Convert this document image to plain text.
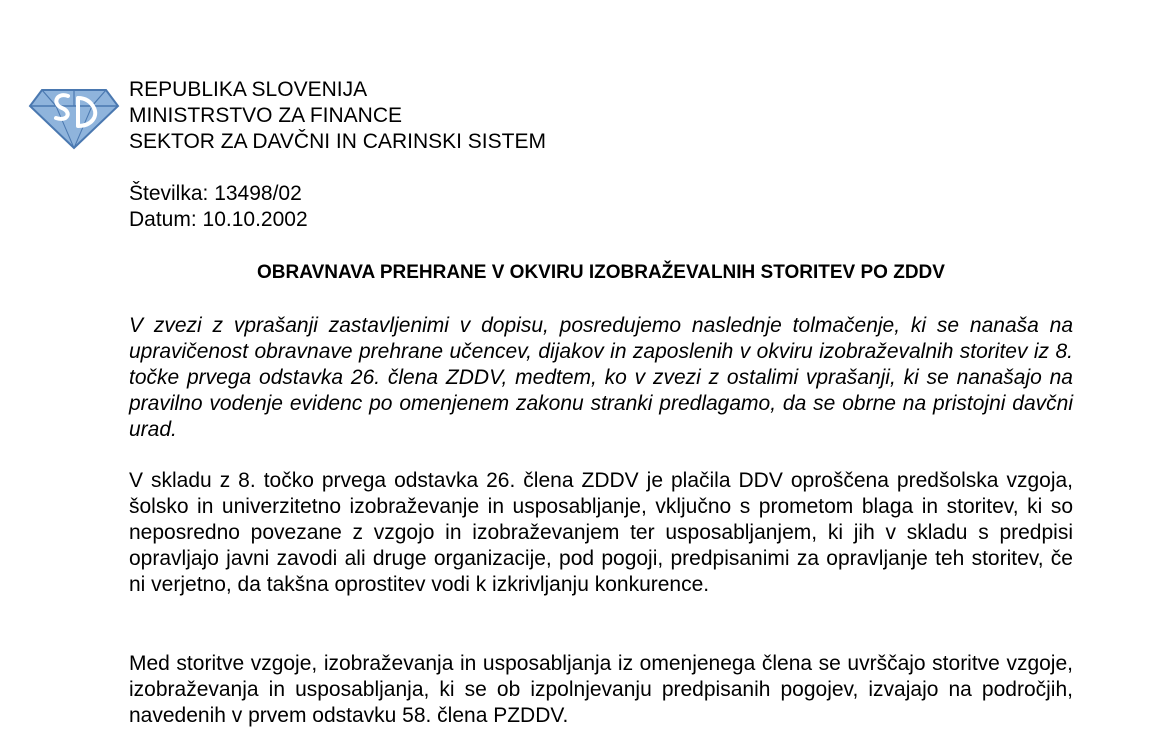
REPUBLIKA SLOVENIJA
MINISTRSTVO ZA FINANCE
SEKTOR ZA DAVČNI IN CARINSKI SISTEM
Številka: 13498/02
Datum: 10.10.2002
OBRAVNAVA PREHRANE V OKVIRU IZOBRAŽEVALNIH STORITEV PO ZDDV

V zvezi z vprašanji zastavljenimi v dopisu, posredujemo naslednje tolmačenje, ki se nanaša na upravičenost obravnave prehrane učencev, dijakov in zaposlenih v okviru izobraževalnih storitev iz 8. točke prvega odstavka 26. člena ZDDV, medtem, ko v zvezi z ostalimi vprašanji, ki se nanašajo na pravilno vodenje evidenc po omenjenem zakonu stranki predlagamo, da se obrne na pristojni davčni urad.

V skladu z 8. točko prvega odstavka 26. člena ZDDV je plačila DDV oproščena predšolska vzgoja, šolsko in univerzitetno izobraževanje in usposabljanje, vključno s prometom blaga in storitev, ki so neposredno povezane z vzgojo in izobraževanjem ter usposabljanjem, ki jih v skladu s predpisi opravljajo javni zavodi ali druge organizacije, pod pogoji, predpisanimi za opravljanje teh storitev, če ni verjetno, da takšna oprostitev vodi k izkrivljanju konkurence.

Med storitve vzgoje, izobraževanja in usposabljanja iz omenjenega člena se uvrščajo storitve vzgoje, izobraževanja in usposabljanja, ki se ob izpolnjevanju predpisanih pogojev, izvajajo na področjih, navedenih v prvem odstavku 58. člena PZDDV.
